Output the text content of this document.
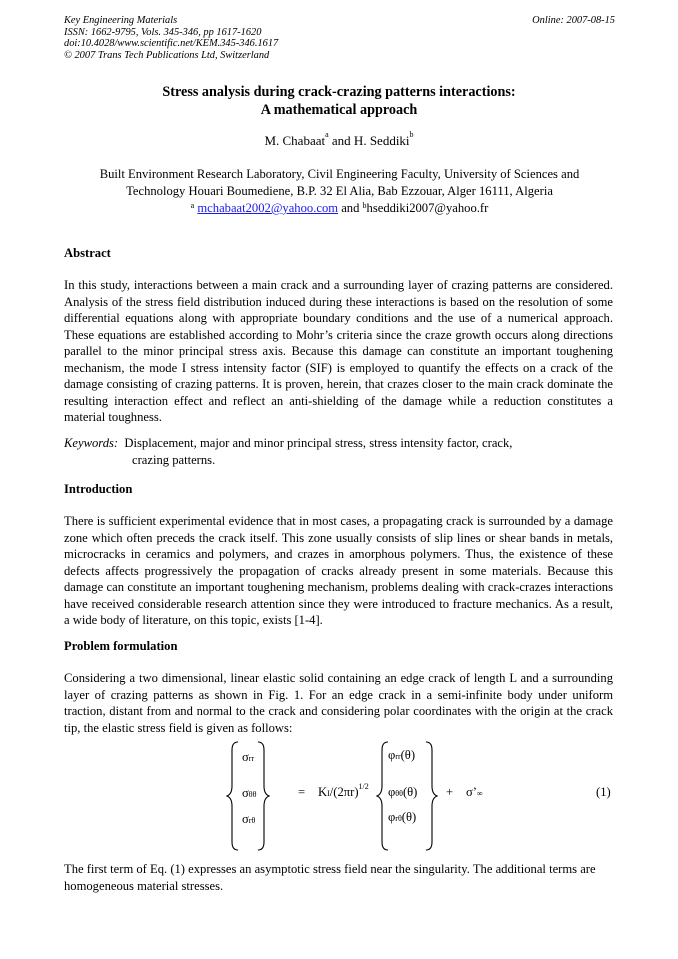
Key Engineering Materials
ISSN: 1662-9795, Vols. 345-346, pp 1617-1620
doi:10.4028/www.scientific.net/KEM.345-346.1617
© 2007 Trans Tech Publications Ltd, Switzerland
Online: 2007-08-15
Stress analysis during crack-crazing patterns interactions:
A mathematical approach
M. Chabaat$^a$ and H. Seddiki$^b$
Built Environment Research Laboratory, Civil Engineering Faculty, University of Sciences and
Technology Houari Boumediene, B.P. 32 El Alia, Bab Ezzouar, Alger 16111, Algeria
$^a$ mchabaat2002@yahoo.com and $^b$hseddiki2007@yahoo.fr
Abstract
In this study, interactions between a main crack and a surrounding layer of crazing patterns are considered. Analysis of the stress field distribution induced during these interactions is based on the resolution of some differential equations along with appropriate boundary conditions and the use of a numerical approach. These equations are established according to Mohr’s criteria since the craze growth occurs along directions parallel to the minor principal stress axis. Because this damage can constitute an important toughening mechanism, the mode I stress intensity factor (SIF) is employed to quantify the effects on a crack of the damage consisting of crazing patterns. It is proven, herein, that crazes closer to the main crack dominate the resulting interaction effect and reflect an anti-shielding of the damage while a reduction constitutes a material toughness.
Keywords: Displacement, major and minor principal stress, stress intensity factor, crack,
crazing patterns.
Introduction
There is sufficient experimental evidence that in most cases, a propagating crack is surrounded by a damage zone which often preceds the crack itself. This zone usually consists of slip lines or shear bands in metals, microcracks in ceramics and polymers, and crazes in amorphous polymers. Thus, the existence of these defects affects progressively the propagation of cracks already present in some materials. Because this damage can constitute an important toughening mechanism, problems dealing with crack-crazes interactions have received considerable research attention since they were introduced to fracture mechanics. As a result, a wide body of literature, on this topic, exists [1-4].
Problem formulation
Considering a two dimensional, linear elastic solid containing an edge crack of length L and a surrounding layer of crazing patterns as shown in Fig. 1. For an edge crack in a semi-infinite body under uniform traction, distant from and normal to the crack and considering polar coordinates with the origin at the crack tip, the elastic stress field is given as follows:
σrr
σθθ
σrθ
= $KI/(2\pi r)^{1/2}$
φrr(θ)
φθθ(θ)
φrθ(θ)
+ σ’∞	(1)
The first term of Eq. (1) expresses an asymptotic stress field near the singularity. The additional terms are homogeneous material stresses.
